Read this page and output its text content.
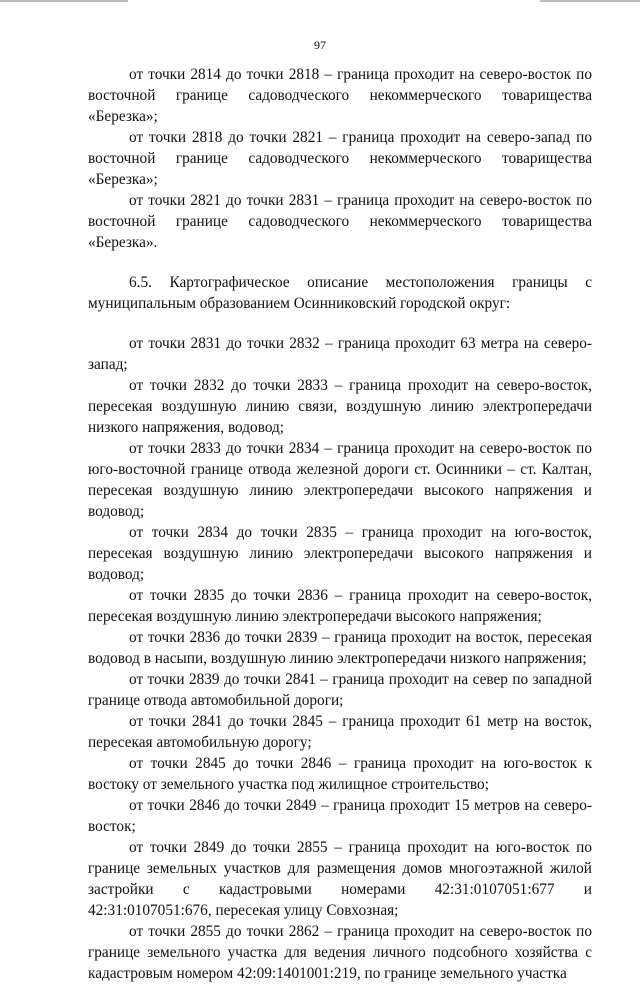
97

от точки 2814 до точки 2818 – граница проходит на северо-восток по восточной границе садоводческого некоммерческого товарищества «Березка»;

от точки 2818 до точки 2821 – граница проходит на северо-запад по восточной границе садоводческого некоммерческого товарищества «Березка»;

от точки 2821 до точки 2831 – граница проходит на северо-восток по восточной границе садоводческого некоммерческого товарищества «Березка».

6.5. Картографическое описание местоположения границы с муниципальным образованием Осинниковский городской округ:

от точки 2831 до точки 2832 – граница проходит 63 метра на северо-запад;

от точки 2832 до точки 2833 – граница проходит на северо-восток, пересекая воздушную линию связи, воздушную линию электропередачи низкого напряжения, водовод;

от точки 2833 до точки 2834 – граница проходит на северо-восток по юго-восточной границе отвода железной дороги ст. Осинники – ст. Калтан, пересекая воздушную линию электропередачи высокого напряжения и водовод;

от точки 2834 до точки 2835 – граница проходит на юго-восток, пересекая воздушную линию электропередачи высокого напряжения и водовод;

от точки 2835 до точки 2836 – граница проходит на северо-восток, пересекая воздушную линию электропередачи высокого напряжения;

от точки 2836 до точки 2839 – граница проходит на восток, пересекая водовод в насыпи, воздушную линию электропередачи низкого напряжения;

от точки 2839 до точки 2841 – граница проходит на север по западной границе отвода автомобильной дороги;

от точки 2841 до точки 2845 – граница проходит 61 метр на восток, пересекая автомобильную дорогу;

от точки 2845 до точки 2846 – граница проходит на юго-восток к востоку от земельного участка под жилищное строительство;

от точки 2846 до точки 2849 – граница проходит 15 метров на северо-восток;

от точки 2849 до точки 2855 – граница проходит на юго-восток по границе земельных участков для размещения домов многоэтажной жилой застройки с кадастровыми номерами 42:31:0107051:677 и 42:31:0107051:676, пересекая улицу Совхозная;

от точки 2855 до точки 2862 – граница проходит на северо-восток по границе земельного участка для ведения личного подсобного хозяйства с кадастровым номером 42:09:1401001:219, по границе земельного участка
